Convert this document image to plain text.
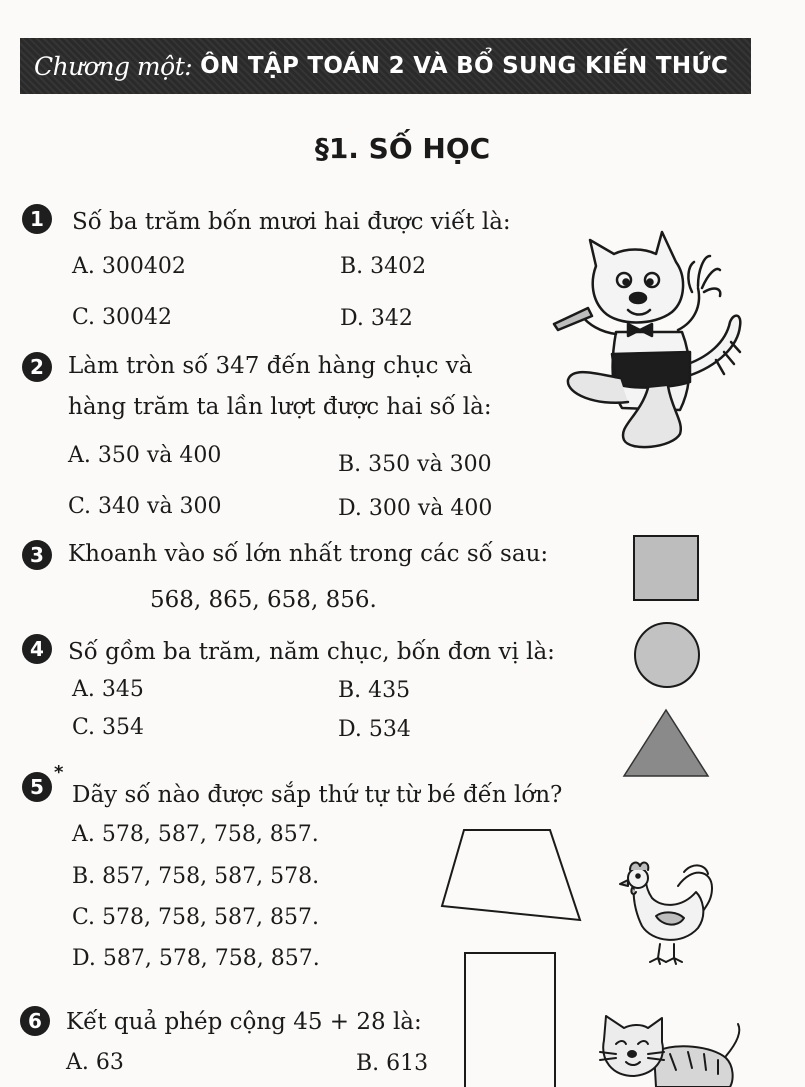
Chương một: ÔN TẬP TOÁN 2 VÀ BỔ SUNG KIẾN THỨC
§1. SỐ HỌC
1	Số ba trăm bốn mươi hai được viết là:
A. 300402	B. 3402
C. 30042	D. 342
2	Làm tròn số 347 đến hàng chục và
hàng trăm ta lần lượt được hai số là:
A. 350 và 400	B. 350 và 300
C. 340 và 300	D. 300 và 400
3	Khoanh vào số lớn nhất trong các số sau:
568, 865, 658, 856.
4	Số gồm ba trăm, năm chục, bốn đơn vị là:
A. 345	B. 435
C. 354	D. 534
5
*
Dãy số nào được sắp thứ tự từ bé đến lớn?
A. 578, 587, 758, 857.
B. 857, 758, 587, 578.
C. 578, 758, 587, 857.
D. 587, 578, 758, 857.
6	Kết quả phép cộng 45 + 28 là:
A. 63	B. 613
